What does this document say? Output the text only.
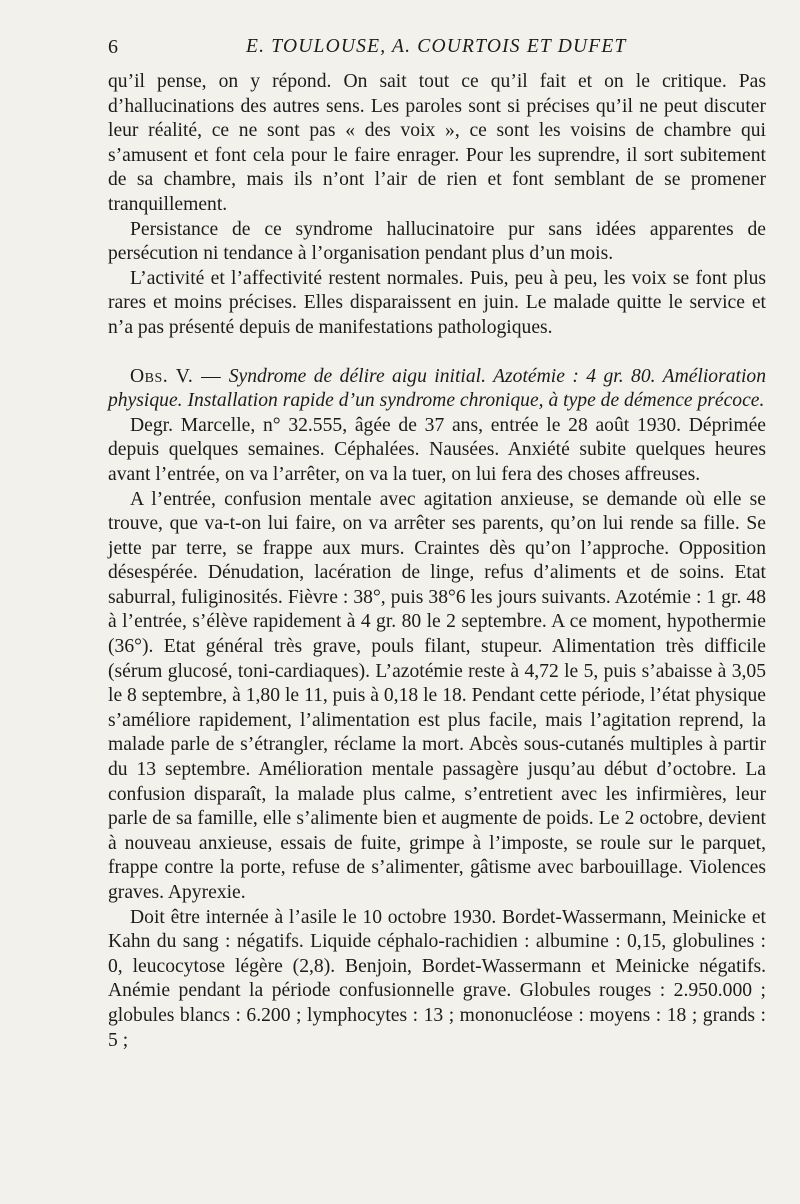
6	E. TOULOUSE, A. COURTOIS ET DUFET

qu’il pense, on y répond. On sait tout ce qu’il fait et on le critique. Pas d’hallucinations des autres sens. Les paroles sont si précises qu’il ne peut discuter leur réalité, ce ne sont pas « des voix », ce sont les voisins de chambre qui s’amusent et font cela pour le faire enrager. Pour les suprendre, il sort subitement de sa chambre, mais ils n’ont l’air de rien et font semblant de se promener tranquillement.

Persistance de ce syndrome hallucinatoire pur sans idées apparentes de persécution ni tendance à l’organisation pendant plus d’un mois.

L’activité et l’affectivité restent normales. Puis, peu à peu, les voix se font plus rares et moins précises. Elles disparaissent en juin. Le malade quitte le service et n’a pas présenté depuis de manifestations pathologiques.

Obs. V. — Syndrome de délire aigu initial. Azotémie : 4 gr. 80. Amélioration physique. Installation rapide d’un syndrome chronique, à type de démence précoce.

Degr. Marcelle, n° 32.555, âgée de 37 ans, entrée le 28 août 1930. Déprimée depuis quelques semaines. Céphalées. Nausées. Anxiété subite quelques heures avant l’entrée, on va l’arrêter, on va la tuer, on lui fera des choses affreuses.

A l’entrée, confusion mentale avec agitation anxieuse, se demande où elle se trouve, que va-t-on lui faire, on va arrêter ses parents, qu’on lui rende sa fille. Se jette par terre, se frappe aux murs. Craintes dès qu’on l’approche. Opposition désespérée. Dénudation, lacération de linge, refus d’aliments et de soins. Etat saburral, fuliginosités. Fièvre : 38°, puis 38°6 les jours suivants. Azotémie : 1 gr. 48 à l’entrée, s’élève rapidement à 4 gr. 80 le 2 septembre. A ce moment, hypothermie (36°). Etat général très grave, pouls filant, stupeur. Alimentation très difficile (sérum glucosé, toni-cardiaques). L’azotémie reste à 4,72 le 5, puis s’abaisse à 3,05 le 8 septembre, à 1,80 le 11, puis à 0,18 le 18. Pendant cette période, l’état physique s’améliore rapidement, l’alimentation est plus facile, mais l’agitation reprend, la malade parle de s’étrangler, réclame la mort. Abcès sous-cutanés multiples à partir du 13 septembre. Amélioration mentale passagère jusqu’au début d’octobre. La confusion disparaît, la malade plus calme, s’entretient avec les infirmières, leur parle de sa famille, elle s’alimente bien et augmente de poids. Le 2 octobre, devient à nouveau anxieuse, essais de fuite, grimpe à l’imposte, se roule sur le parquet, frappe contre la porte, refuse de s’alimenter, gâtisme avec barbouillage. Violences graves. Apyrexie.

Doit être internée à l’asile le 10 octobre 1930. Bordet-Wassermann, Meinicke et Kahn du sang : négatifs. Liquide céphalo-rachidien : albumine : 0,15, globulines : 0, leucocytose légère (2,8). Benjoin, Bordet-Wassermann et Meinicke négatifs. Anémie pendant la période confusionnelle grave. Globules rouges : 2.950.000 ; globules blancs : 6.200 ; lymphocytes : 13 ; mononucléose : moyens : 18 ; grands : 5 ;
